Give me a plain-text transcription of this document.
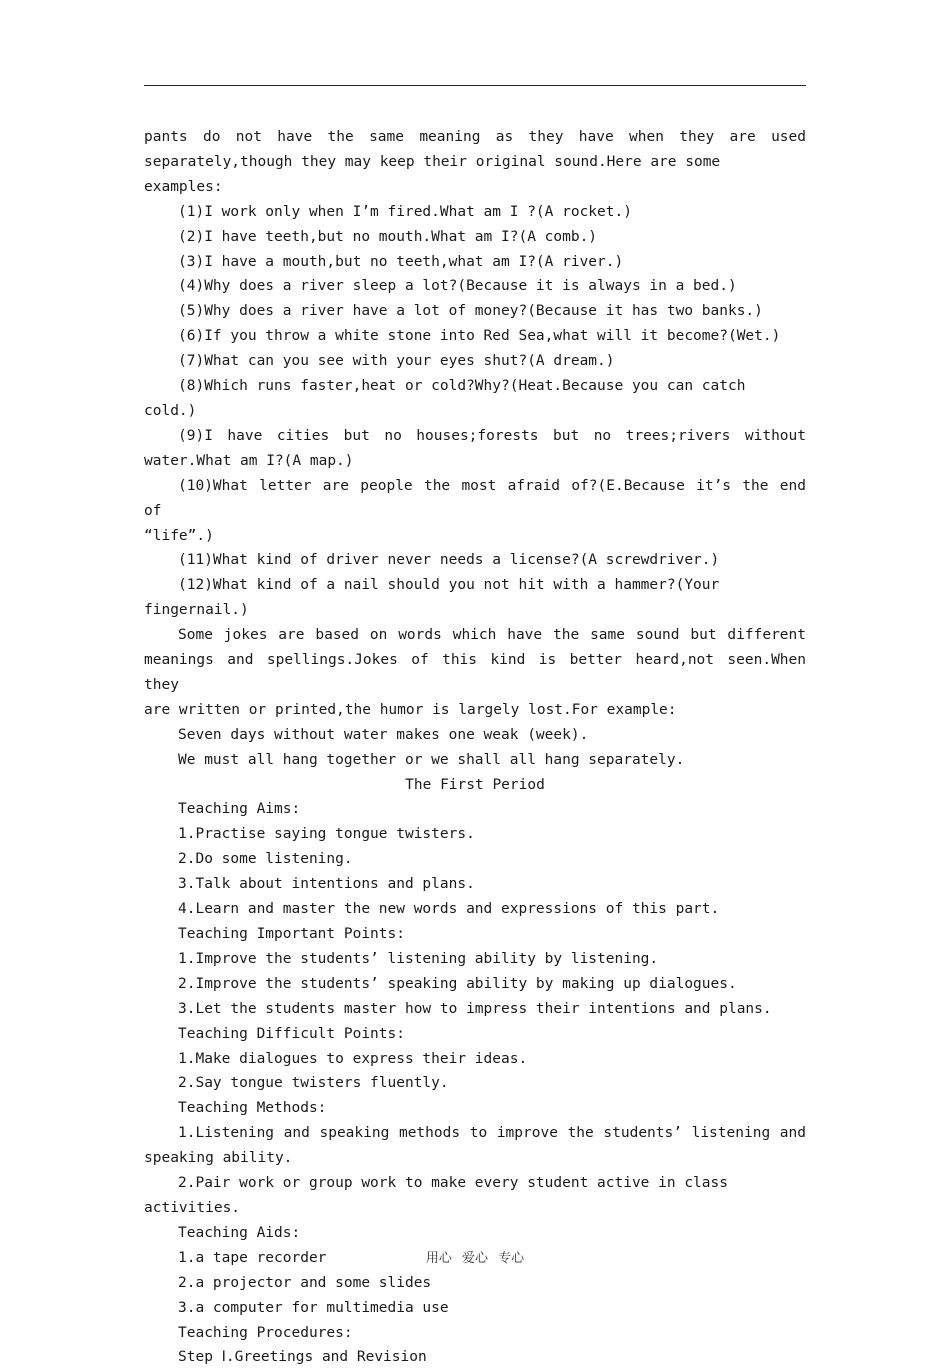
pants do not have the same meaning as they have when they are used

separately,though they may keep their original sound.Here are some examples:

(1)I work only when I’m fired.What am I ?(A rocket.)

(2)I have teeth,but no mouth.What am I?(A comb.)

(3)I have a mouth,but no teeth,what am I?(A river.)

(4)Why does a river sleep a lot?(Because it is always in a bed.)

(5)Why does a river have a lot of money?(Because it has two banks.)

(6)If you throw a white stone into Red Sea,what will it become?(Wet.)

(7)What can you see with your eyes shut?(A dream.)

(8)Which runs faster,heat or cold?Why?(Heat.Because you can catch cold.)

(9)I have cities but no houses;forests but no trees;rivers without

water.What am I?(A map.)

(10)What letter are people the most afraid of?(E.Because it’s the end of

“life”.)

(11)What kind of driver never needs a license?(A screwdriver.)

(12)What kind of a nail should you not hit with a hammer?(Your fingernail.)

Some jokes are based on words which have the same sound but different

meanings and spellings.Jokes of this kind is better heard,not seen.When they

are written or printed,the humor is largely lost.For example:

Seven days without water makes one weak (week).

We must all hang together or we shall all hang separately.

The First Period

Teaching Aims:

1.Practise saying tongue twisters.

2.Do some listening.

3.Talk about intentions and plans.

4.Learn and master the new words and expressions of this part.

Teaching Important Points:

1.Improve the students’ listening ability by listening.

2.Improve the students’ speaking ability by making up dialogues.

3.Let the students master how to impress their intentions and plans.

Teaching Difficult Points:

1.Make dialogues to express their ideas.

2.Say tongue twisters fluently.

Teaching Methods:

1.Listening and speaking methods to improve the students’ listening and

speaking ability.

2.Pair work or group work to make every student active in class activities.

Teaching Aids:

1.a tape recorder

2.a projector and some slides

3.a computer for multimedia use

Teaching Procedures:

Step Ⅰ.Greetings and Revision

用心 爱心 专心
